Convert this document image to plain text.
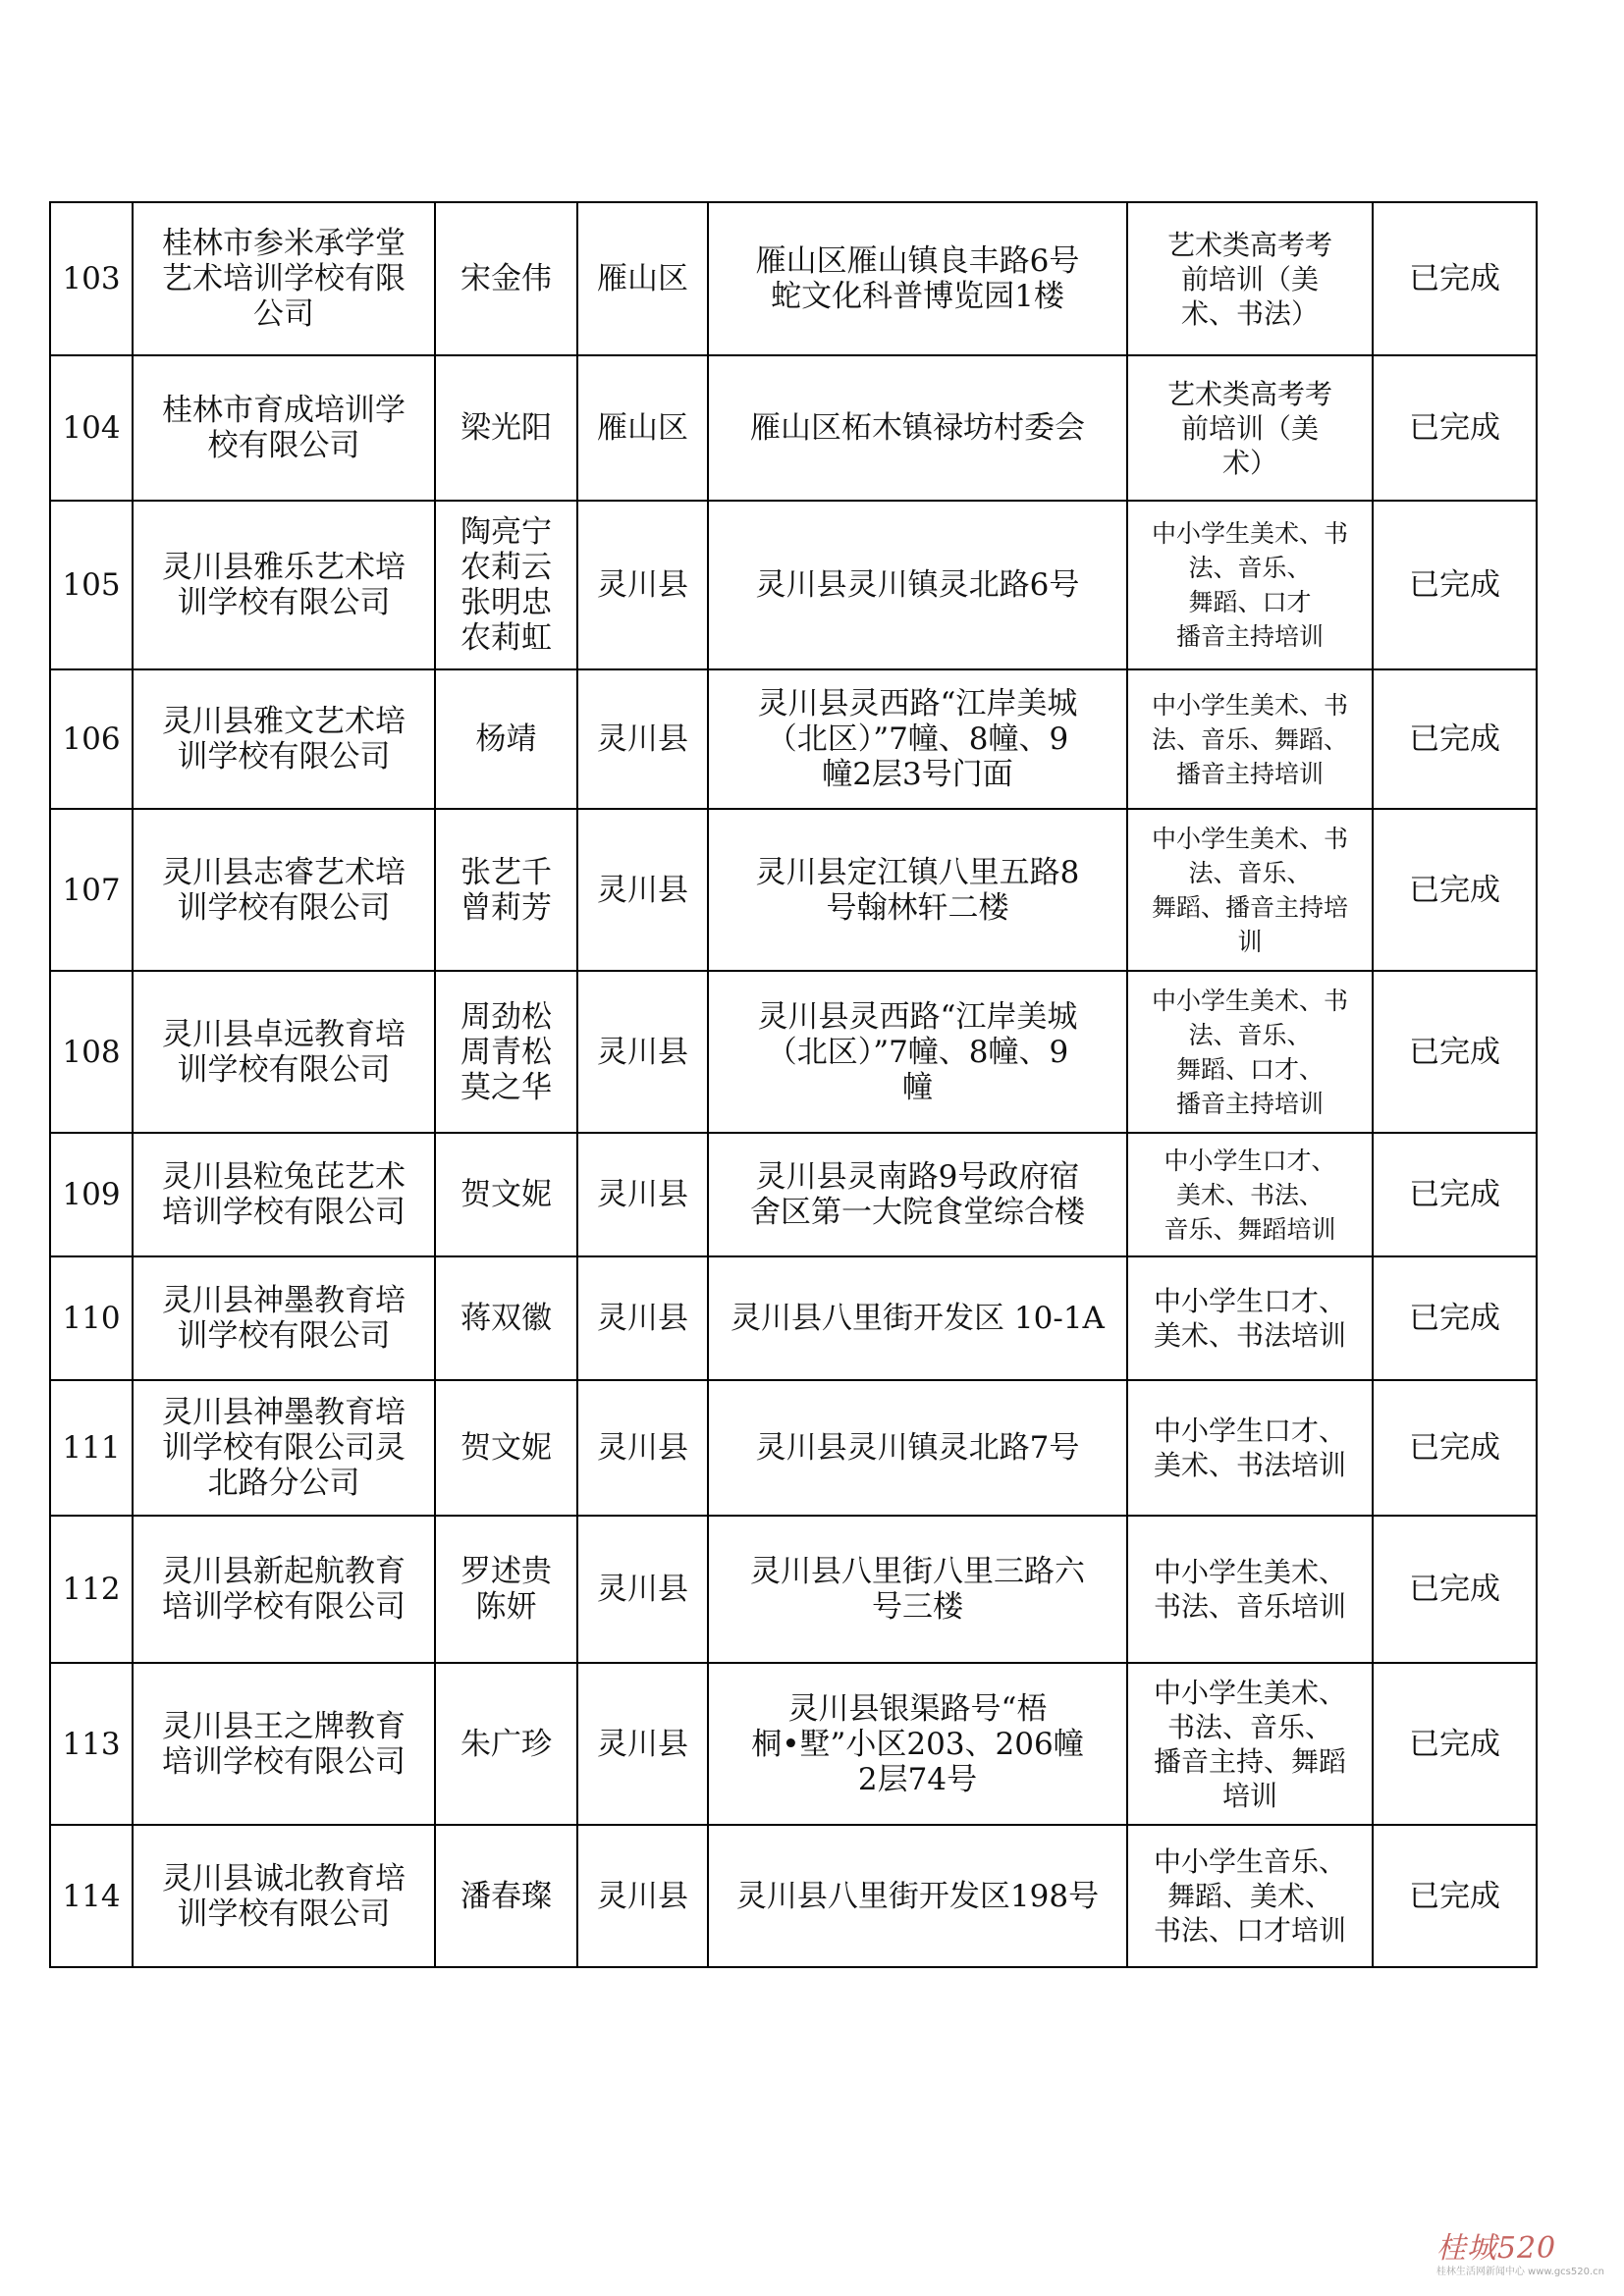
103	桂林市参米承学堂
艺术培训学校有限
公司	宋金伟	雁山区	雁山区雁山镇良丰路6号
蛇文化科普博览园1楼	艺术类高考考
前培训（美
术、书法）	已完成

104	桂林市育成培训学
校有限公司	梁光阳	雁山区	雁山区柘木镇禄坊村委会	艺术类高考考
前培训（美
术）	已完成

105	灵川县雅乐艺术培
训学校有限公司	陶亮宁
农莉云
张明忠
农莉虹	灵川县	灵川县灵川镇灵北路6号	中小学生美术、书
法、音乐、
舞蹈、口才
播音主持培训	已完成

106	灵川县雅文艺术培
训学校有限公司	杨靖	灵川县	灵川县灵西路“江岸美城
（北区）”7幢、8幢、9
幢2层3号门面	中小学生美术、书
法、音乐、舞蹈、
播音主持培训	已完成

107	灵川县志睿艺术培
训学校有限公司	张艺千
曾莉芳	灵川县	灵川县定江镇八里五路8
号翰林轩二楼	中小学生美术、书
法、音乐、
舞蹈、播音主持培
训	已完成

108	灵川县卓远教育培
训学校有限公司	周劲松
周青松
莫之华	灵川县	灵川县灵西路“江岸美城
（北区）”7幢、8幢、9
幢	中小学生美术、书
法、音乐、
舞蹈、口才、
播音主持培训	已完成

109	灵川县粒兔芘艺术
培训学校有限公司	贺文妮	灵川县	灵川县灵南路9号政府宿
舍区第一大院食堂综合楼	中小学生口才、
美术、书法、
音乐、舞蹈培训	已完成

110	灵川县神墨教育培
训学校有限公司	蒋双徽	灵川县	灵川县八里街开发区 10-1A	中小学生口才、
美术、书法培训	已完成

111	灵川县神墨教育培
训学校有限公司灵
北路分公司	贺文妮	灵川县	灵川县灵川镇灵北路7号	中小学生口才、
美术、书法培训	已完成

112	灵川县新起航教育
培训学校有限公司	罗述贵
陈妍	灵川县	灵川县八里街八里三路六
号三楼	中小学生美术、
书法、音乐培训	已完成

113	灵川县王之牌教育
培训学校有限公司	朱广珍	灵川县	灵川县银渠路号“梧
桐•墅”小区203、206幢
2层74号	中小学生美术、
书法、音乐、
播音主持、舞蹈
培训	已完成

114	灵川县诚北教育培
训学校有限公司	潘春璨	灵川县	灵川县八里街开发区198号	中小学生音乐、
舞蹈、美术、
书法、口才培训	已完成
桂城520
桂林生活网新闻中心 www.gcs520.cn
